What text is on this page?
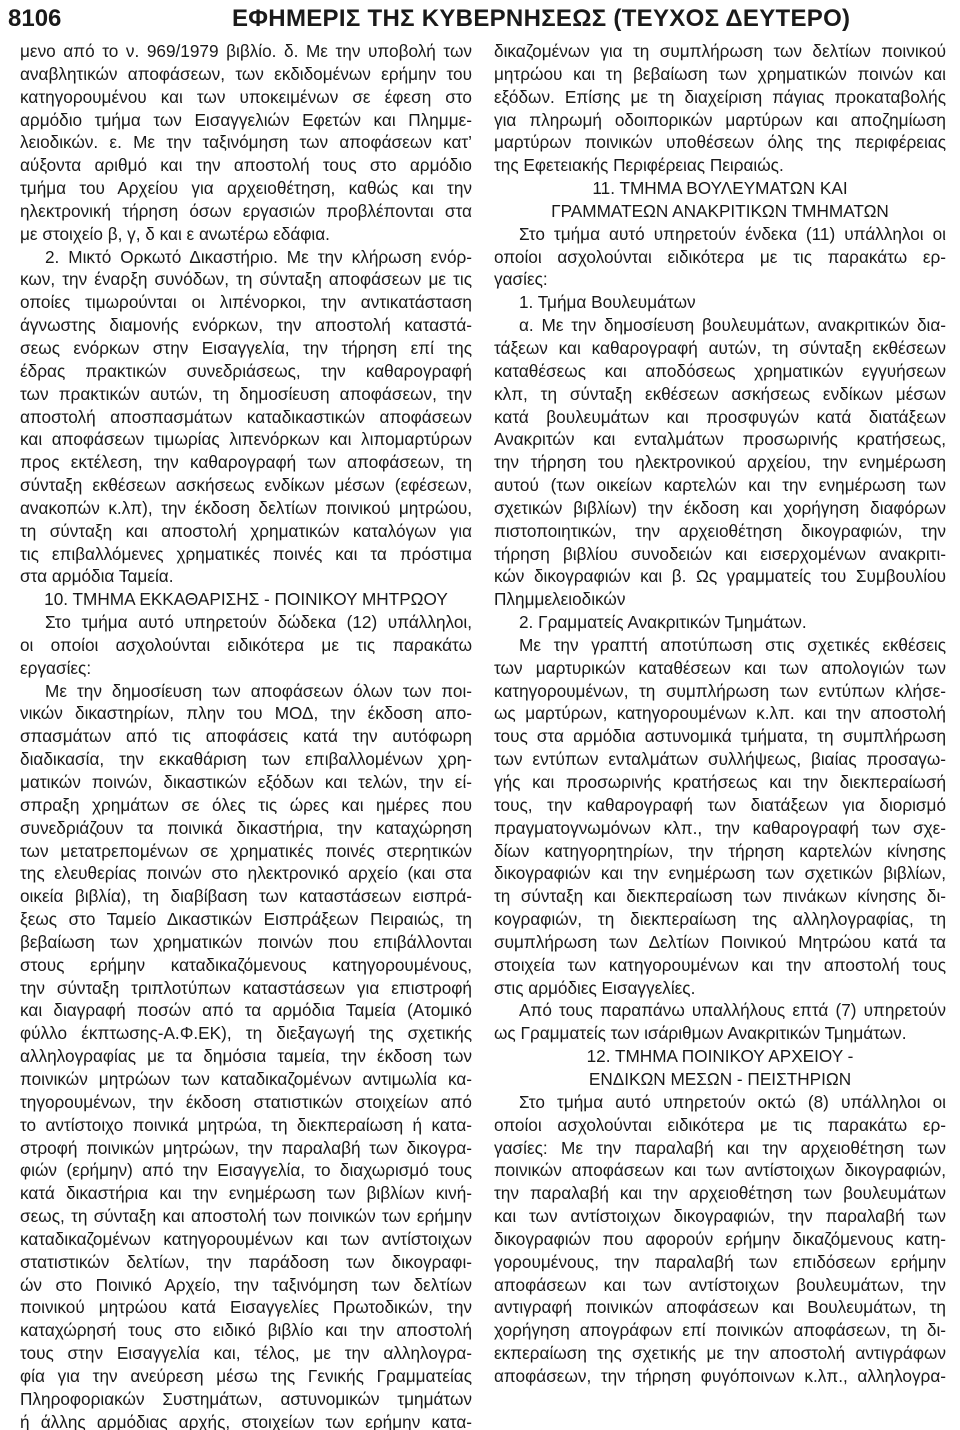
8106	ΕΦΗΜΕΡΙΣ ΤΗΣ ΚΥΒΕΡΝΗΣΕΩΣ (ΤΕΥΧΟΣ ΔΕΥΤΕΡΟ)
μενο από το ν. 969/1979 βιβλίο. δ. Με την υποβολή των
αναβλητικών αποφάσεων, των εκδιδομένων ερήμην του
κατηγορουμένου και των υποκειμένων σε έφεση στο
αρμόδιο τμήμα των Εισαγγελιών Εφετών και Πλημμε-
λειοδικών. ε. Με την ταξινόμηση των αποφάσεων κατ’
αύξοντα αριθμό και την αποστολή τους στο αρμόδιο
τμήμα του Αρχείου για αρχειοθέτηση, καθώς και την
ηλεκτρονική τήρηση όσων εργασιών προβλέπονται στα
με στοιχείο β, γ, δ και ε ανωτέρω εδάφια.
2. Μικτό Ορκωτό Δικαστήριο. Με την κλήρωση ενόρ-
κων, την έναρξη συνόδων, τη σύνταξη αποφάσεων με τις
οποίες τιμωρούνται οι λιπένορκοι, την αντικατάσταση
άγνωστης διαμονής ενόρκων, την αποστολή καταστά-
σεως ενόρκων στην Εισαγγελία, την τήρηση επί της
έδρας πρακτικών συνεδριάσεως, την καθαρογραφή
των πρακτικών αυτών, τη δημοσίευση αποφάσεων, την
αποστολή αποσπασμάτων καταδικαστικών αποφάσεων
και αποφάσεων τιμωρίας λιπενόρκων και λιπομαρτύρων
προς εκτέλεση, την καθαρογραφή των αποφάσεων, τη
σύνταξη εκθέσεων ασκήσεως ενδίκων μέσων (εφέσεων,
ανακοπών κ.λπ), την έκδοση δελτίων ποινικού μητρώου,
τη σύνταξη και αποστολή χρηματικών καταλόγων για
τις επιβαλλόμενες χρηματικές ποινές και τα πρόστιμα
στα αρμόδια Ταμεία.
10. ΤΜΗΜΑ ΕΚΚΑΘΑΡΙΣΗΣ - ΠΟΙΝΙΚΟΥ ΜΗΤΡΩΟΥ
Στο τμήμα αυτό υπηρετούν δώδεκα (12) υπάλληλοι,
οι οποίοι ασχολούνται ειδικότερα με τις παρακάτω
εργασίες:
Με την δημοσίευση των αποφάσεων όλων των ποι-
νικών δικαστηρίων, πλην του ΜΟΔ, την έκδοση απο-
σπασμάτων από τις αποφάσεις κατά την αυτόφωρη
διαδικασία, την εκκαθάριση των επιβαλλομένων χρη-
ματικών ποινών, δικαστικών εξόδων και τελών, την εί-
σπραξη χρημάτων σε όλες τις ώρες και ημέρες που
συνεδριάζουν τα ποινικά δικαστήρια, την καταχώρηση
των μετατρεπομένων σε χρηματικές ποινές στερητικών
της ελευθερίας ποινών στο ηλεκτρονικό αρχείο (και στα
οικεία βιβλία), τη διαβίβαση των καταστάσεων εισπρά-
ξεως στο Ταμείο Δικαστικών Εισπράξεων Πειραιώς, τη
βεβαίωση των χρηματικών ποινών που επιβάλλονται
στους ερήμην καταδικαζόμενους κατηγορουμένους,
την σύνταξη τριπλοτύπων καταστάσεων για επιστροφή
και διαγραφή ποσών από τα αρμόδια Ταμεία (Ατομικό
φύλλο έκπτωσης-Α.Φ.ΕΚ), τη διεξαγωγή της σχετικής
αλληλογραφίας με τα δημόσια ταμεία, την έκδοση των
ποινικών μητρώων των καταδικαζομένων αντιμωλία κα-
τηγορουμένων, την έκδοση στατιστικών στοιχείων από
το αντίστοιχο ποινικά μητρώα, τη διεκπεραίωση ή κατα-
στροφή ποινικών μητρώων, την παραλαβή των δικογρα-
φιών (ερήμην) από την Εισαγγελία, το διαχωρισμό τους
κατά δικαστήρια και την ενημέρωση των βιβλίων κινή-
σεως, τη σύνταξη και αποστολή των ποινικών των ερήμην
καταδικαζομένων κατηγορουμένων και των αντίστοιχων
στατιστικών δελτίων, την παράδοση των δικογραφι-
ών στο Ποινικό Αρχείο, την ταξινόμηση των δελτίων
ποινικού μητρώου κατά Εισαγγελίες Πρωτοδικών, την
καταχώρησή τους στο ειδικό βιβλίο και την αποστολή
τους στην Εισαγγελία και, τέλος, με την αλληλογρα-
φία για την ανεύρεση μέσω της Γενικής Γραμματείας
Πληροφοριακών Συστημάτων, αστυνομικών τμημάτων
ή άλλης αρμόδιας αρχής, στοιχείων των ερήμην κατα-
δικαζομένων για τη συμπλήρωση των δελτίων ποινικού
μητρώου και τη βεβαίωση των χρηματικών ποινών και
εξόδων. Επίσης με τη διαχείριση πάγιας προκαταβολής
για πληρωμή οδοιπορικών μαρτύρων και αποζημίωση
μαρτύρων ποινικών υποθέσεων όλης της περιφέρειας
της Εφετειακής Περιφέρειας Πειραιώς.
11. ΤΜΗΜΑ ΒΟΥΛΕΥΜΑΤΩΝ ΚΑΙ
ΓΡΑΜΜΑΤΕΩΝ ΑΝΑΚΡΙΤΙΚΩΝ ΤΜΗΜΑΤΩΝ
Στο τμήμα αυτό υπηρετούν ένδεκα (11) υπάλληλοι οι
οποίοι ασχολούνται ειδικότερα με τις παρακάτω ερ-
γασίες:
1. Τμήμα Βουλευμάτων
α. Με την δημοσίευση βουλευμάτων, ανακριτικών δια-
τάξεων και καθαρογραφή αυτών, τη σύνταξη εκθέσεων
καταθέσεως και αποδόσεως χρηματικών εγγυήσεων
κλπ, τη σύνταξη εκθέσεων ασκήσεως ενδίκων μέσων
κατά βουλευμάτων και προσφυγών κατά διατάξεων
Ανακριτών και ενταλμάτων προσωρινής κρατήσεως,
την τήρηση του ηλεκτρονικού αρχείου, την ενημέρωση
αυτού (των οικείων καρτελών και την ενημέρωση των
σχετικών βιβλίων) την έκδοση και χορήγηση διαφόρων
πιστοποιητικών, την αρχειοθέτηση δικογραφιών, την
τήρηση βιβλίου συνοδειών και εισερχομένων ανακριτι-
κών δικογραφιών και β. Ως γραμματείς του Συμβουλίου
Πλημμελειοδικών
2. Γραμματείς Ανακριτικών Τμημάτων.
Με την γραπτή αποτύπωση στις σχετικές εκθέσεις
των μαρτυρικών καταθέσεων και των απολογιών των
κατηγορουμένων, τη συμπλήρωση των εντύπων κλήσε-
ως μαρτύρων, κατηγορουμένων κ.λπ. και την αποστολή
τους στα αρμόδια αστυνομικά τμήματα, τη συμπλήρωση
των εντύπων ενταλμάτων συλλήψεως, βιαίας προσαγω-
γής και προσωρινής κρατήσεως και την διεκπεραίωσή
τους, την καθαρογραφή των διατάξεων για διορισμό
πραγματογνωμόνων κλπ., την καθαρογραφή των σχε-
δίων κατηγορητηρίων, την τήρηση καρτελών κίνησης
δικογραφιών και την ενημέρωση των σχετικών βιβλίων,
τη σύνταξη και διεκπεραίωση των πινάκων κίνησης δι-
κογραφιών, τη διεκπεραίωση της αλληλογραφίας, τη
συμπλήρωση των Δελτίων Ποινικού Μητρώου κατά τα
στοιχεία των κατηγορουμένων και την αποστολή τους
στις αρμόδιες Εισαγγελίες.
Από τους παραπάνω υπαλλήλους επτά (7) υπηρετούν
ως Γραμματείς των ισάριθμων Ανακριτικών Τμημάτων.
12. ΤΜΗΜΑ ΠΟΙΝΙΚΟΥ ΑΡΧΕΙΟΥ -
ΕΝΔΙΚΩΝ ΜΕΣΩΝ - ΠΕΙΣΤΗΡΙΩΝ
Στο τμήμα αυτό υπηρετούν οκτώ (8) υπάλληλοι οι
οποίοι ασχολούνται ειδικότερα με τις παρακάτω ερ-
γασίες: Με την παραλαβή και την αρχειοθέτηση των
ποινικών αποφάσεων και των αντίστοιχων δικογραφιών,
την παραλαβή και την αρχειοθέτηση των βουλευμάτων
και των αντίστοιχων δικογραφιών, την παραλαβή των
δικογραφιών που αφορούν ερήμην δικαζόμενους κατη-
γορουμένους, την παραλαβή των επιδόσεων ερήμην
αποφάσεων και των αντίστοιχων βουλευμάτων, την
αντιγραφή ποινικών αποφάσεων και Βουλευμάτων, τη
χορήγηση απογράφων επί ποινικών αποφάσεων, τη δι-
εκπεραίωση της σχετικής με την αποστολή αντιγράφων
αποφάσεων, την τήρηση φυγόποινων κ.λπ., αλληλογρα-
